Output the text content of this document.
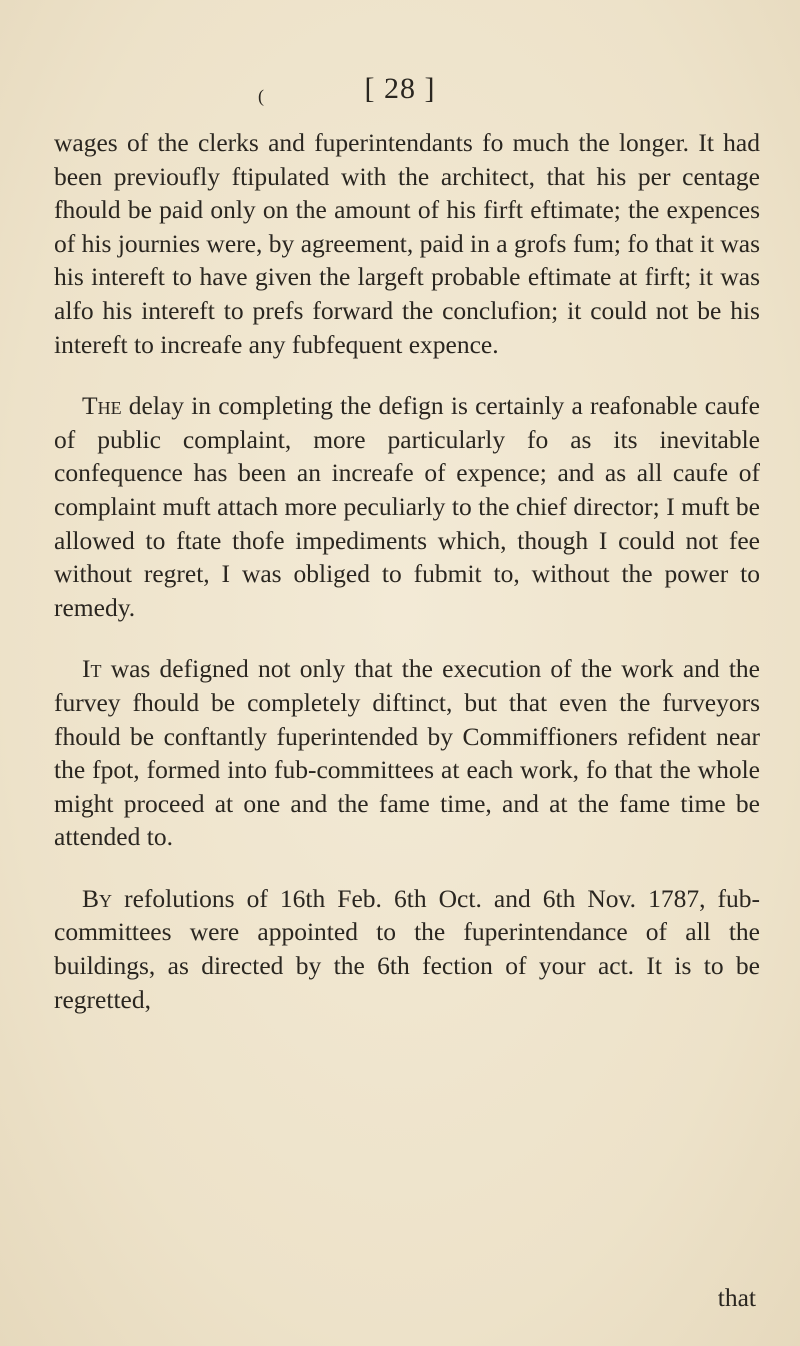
(	[ 28 ]

wages of the clerks and fuperintendants fo much the longer. It had been previoufly ftipulated with the architect, that his per centage fhould be paid only on the amount of his firft eftimate; the expences of his journies were, by agreement, paid in a grofs fum; fo that it was his intereft to have given the largeft probable eftimate at firft; it was alfo his intereft to prefs forward the conclufion; it could not be his intereft to increafe any fubfequent expence.

The delay in completing the defign is certainly a reafonable caufe of public complaint, more particularly fo as its inevitable confequence has been an increafe of expence; and as all caufe of complaint muft attach more peculiarly to the chief director; I muft be allowed to ftate thofe impediments which, though I could not fee without regret, I was obliged to fubmit to, without the power to remedy.

It was defigned not only that the execution of the work and the furvey fhould be completely diftinct, but that even the furveyors fhould be conftantly fuperintended by Commiffioners refident near the fpot, formed into fub-committees at each work, fo that the whole might proceed at one and the fame time, and at the fame time be attended to.

By refolutions of 16th Feb. 6th Oct. and 6th Nov. 1787, fub-committees were appointed to the fuperintendance of all the buildings, as directed by the 6th fection of your act. It is to be regretted,

that
